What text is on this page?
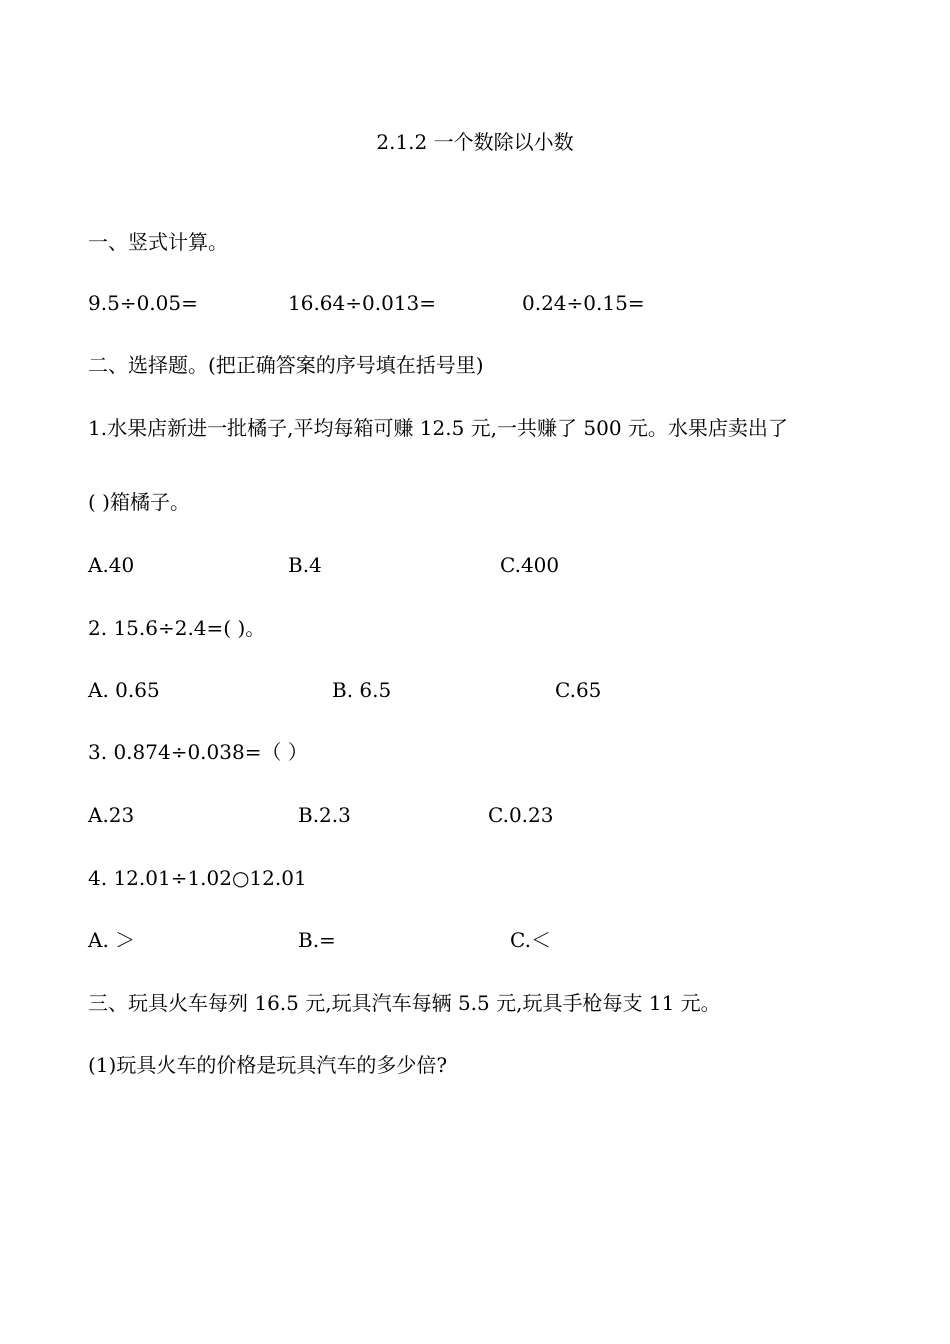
2.1.2 一个数除以小数
一、竖式计算。
9.5÷0.05=	16.64÷0.013=	0.24÷0.15=
二、选择题。(把正确答案的序号填在括号里)
1.水果店新进一批橘子,平均每箱可赚 12.5 元,一共赚了 500 元。水果店卖出了
( )箱橘子。
A.40	B.4	C.400
2. 15.6÷2.4=( )。
A. 0.65	B. 6.5	C.65
3. 0.874÷0.038=（ ）
A.23	B.2.3	C.0.23
4. 12.01÷1.02○12.01
A. ＞	B.=	C.＜
三、玩具火车每列 16.5 元,玩具汽车每辆 5.5 元,玩具手枪每支 11 元。
(1)玩具火车的价格是玩具汽车的多少倍?
